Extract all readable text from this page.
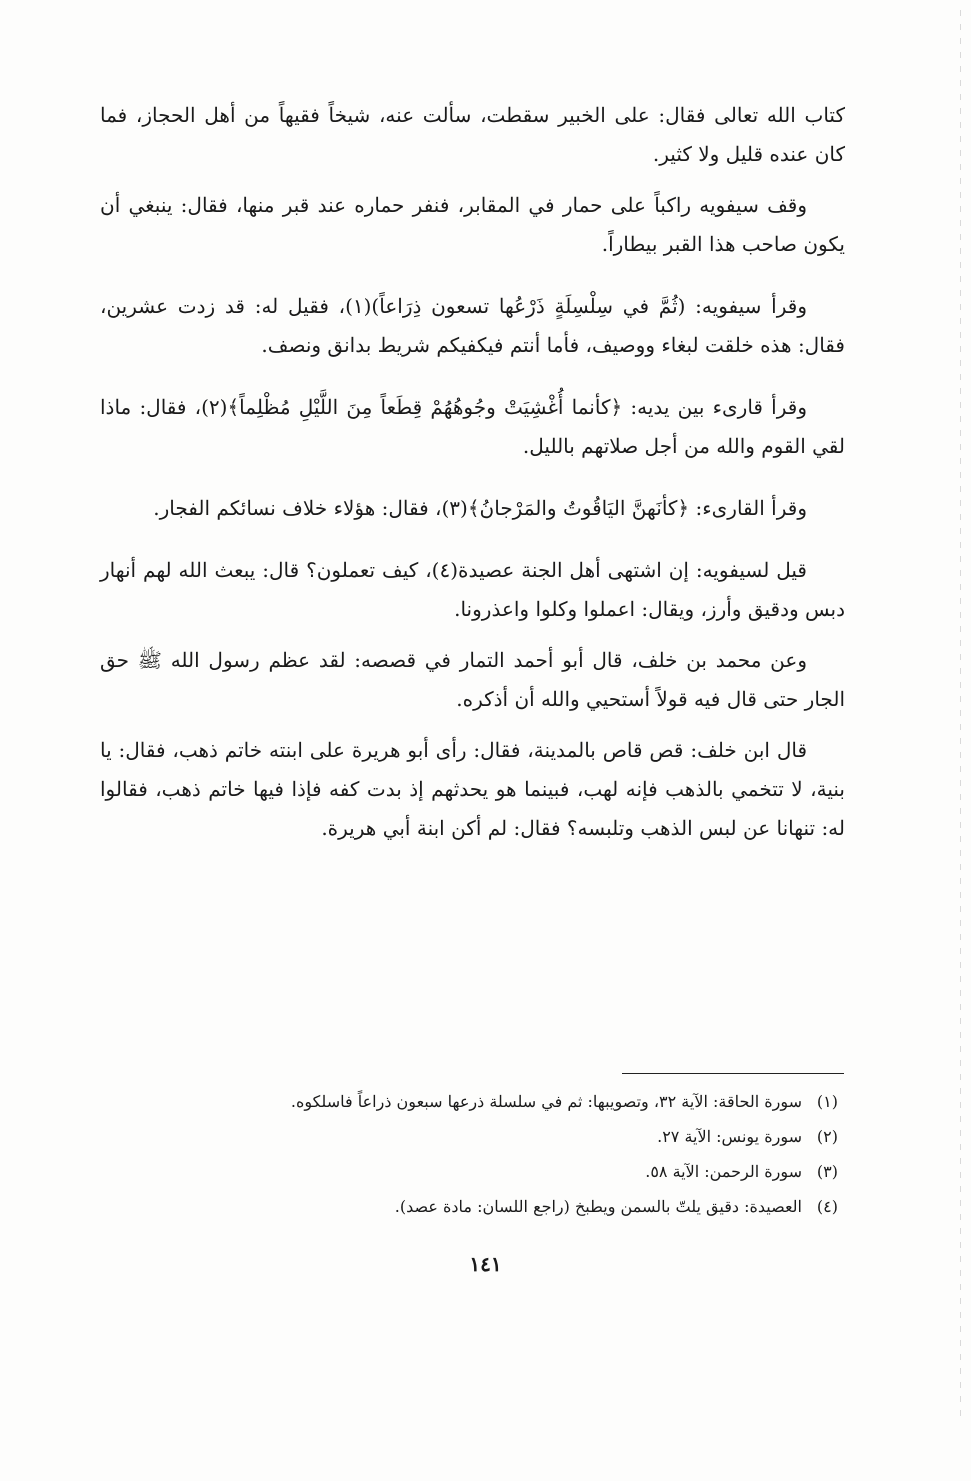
كتاب الله تعالى فقال: على الخبير سقطت، سألت عنه، شيخاً فقيهاً من أهل الحجاز، فما كان عنده قليل ولا كثير.

وقف سيفويه راكباً على حمار في المقابر، فنفر حماره عند قبر منها، فقال: ينبغي أن يكون صاحب هذا القبر بيطاراً.

وقرأ سيفويه: (ثُمَّ في سِلْسِلَةٍ ذَرْعُها تسعون ذِرَاعاً)(١)، فقيل له: قد زدت عشرين، فقال: هذه خلقت لبغاء ووصيف، فأما أنتم فيكفيكم شريط بدانق ونصف.

وقرأ قارىء بين يديه: ﴿كأنما أُغْشِيَتْ وجُوهُهُمْ قِطَعاً مِنَ اللَّيْلِ مُظْلِماً﴾(٢)، فقال: ماذا لقي القوم والله من أجل صلاتهم بالليل.

وقرأ القارىء: ﴿كأنَهنَّ اليَاقُوتُ والمَرْجانُ﴾(٣)، فقال: هؤلاء خلاف نسائكم الفجار.

قيل لسيفويه: إن اشتهى أهل الجنة عصيدة(٤)، كيف تعملون؟ قال: يبعث الله لهم أنهار دبس ودقيق وأرز، ويقال: اعملوا وكلوا واعذرونا.

وعن محمد بن خلف، قال أبو أحمد التمار في قصصه: لقد عظم رسول الله ﷺ حق الجار حتى قال فيه قولاً أستحيي والله أن أذكره.

قال ابن خلف: قص قاص بالمدينة، فقال: رأى أبو هريرة على ابنته خاتم ذهب، فقال: يا بنية، لا تتخمي بالذهب فإنه لهب، فبينما هو يحدثهم إذ بدت كفه فإذا فيها خاتم ذهب، فقالوا له: تنهانا عن لبس الذهب وتلبسه؟ فقال: لم أكن ابنة أبي هريرة.

(١)
سورة الحاقة: الآية ٣٢، وتصويبها: ثم في سلسلة ذرعها سبعون ذراعاً فاسلكوه.
(٢)
سورة يونس: الآية ٢٧.
(٣)
سورة الرحمن: الآية ٥٨.
(٤)
العصيدة: دقيق يلتّ بالسمن ويطبخ (راجع اللسان: مادة عصد).
١٤١
